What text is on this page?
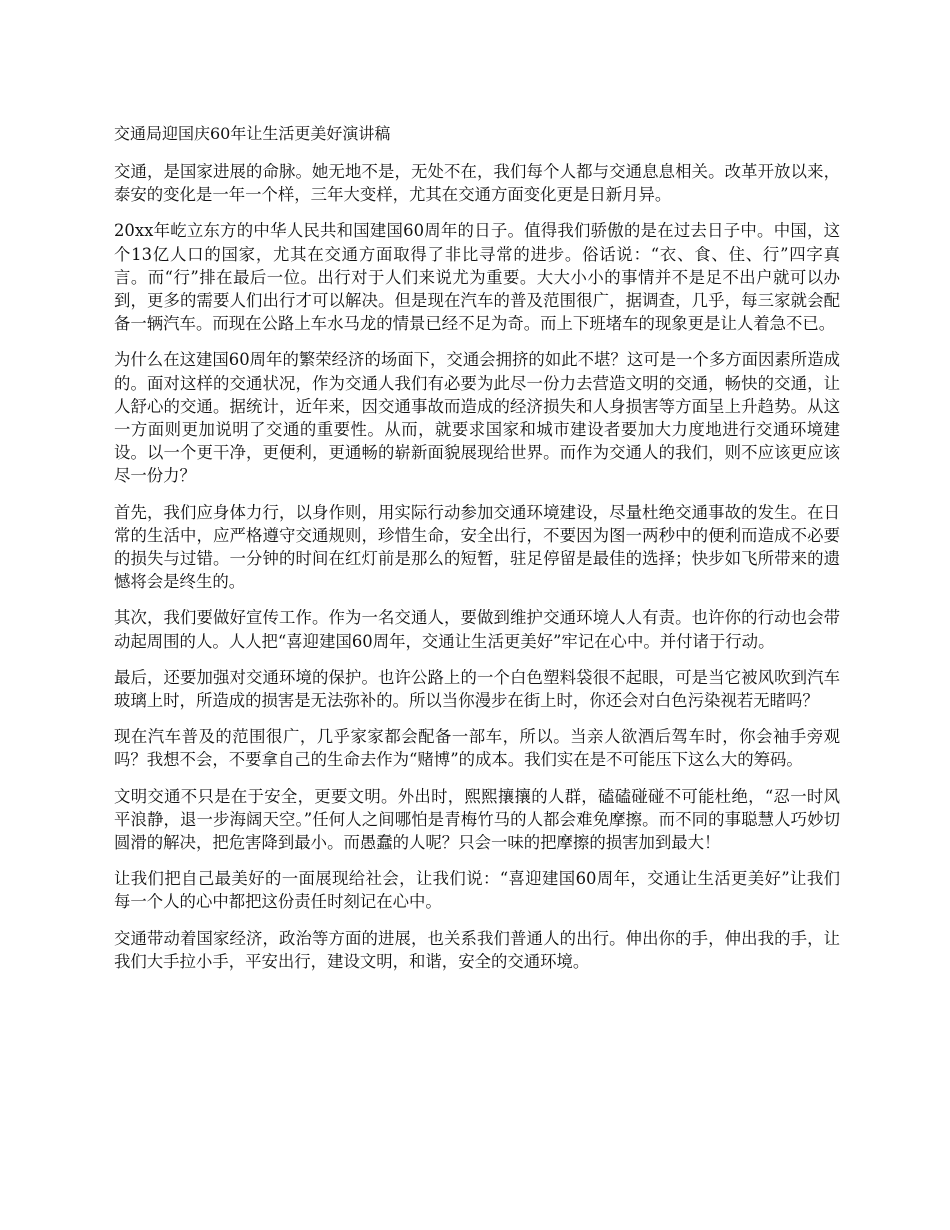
交通局迎国庆60年让生活更美好演讲稿

交通，是国家进展的命脉。她无地不是，无处不在，我们每个人都与交通息息相关。改革开放以来，泰安的变化是一年一个样，三年大变样，尤其在交通方面变化更是日新月异。

20xx年屹立东方的中华人民共和国建国60周年的日子。值得我们骄傲的是在过去日子中。中国，这个13亿人口的国家，尤其在交通方面取得了非比寻常的进步。俗话说：“衣、食、住、行”四字真言。而“行”排在最后一位。出行对于人们来说尤为重要。大大小小的事情并不是足不出户就可以办到，更多的需要人们出行才可以解决。但是现在汽车的普及范围很广，据调查，几乎，每三家就会配备一辆汽车。而现在公路上车水马龙的情景已经不足为奇。而上下班堵车的现象更是让人着急不已。

为什么在这建国60周年的繁荣经济的场面下，交通会拥挤的如此不堪？这可是一个多方面因素所造成的。面对这样的交通状况，作为交通人我们有必要为此尽一份力去营造文明的交通，畅快的交通，让人舒心的交通。据统计，近年来，因交通事故而造成的经济损失和人身损害等方面呈上升趋势。从这一方面则更加说明了交通的重要性。从而，就要求国家和城市建设者要加大力度地进行交通环境建设。以一个更干净，更便利，更通畅的崭新面貌展现给世界。而作为交通人的我们，则不应该更应该尽一份力？

首先，我们应身体力行，以身作则，用实际行动参加交通环境建设，尽量杜绝交通事故的发生。在日常的生活中，应严格遵守交通规则，珍惜生命，安全出行，不要因为图一两秒中的便利而造成不必要的损失与过错。一分钟的时间在红灯前是那么的短暂，驻足停留是最佳的选择；快步如飞所带来的遗憾将会是终生的。

其次，我们要做好宣传工作。作为一名交通人，要做到维护交通环境人人有责。也许你的行动也会带动起周围的人。人人把“喜迎建国60周年，交通让生活更美好”牢记在心中。并付诸于行动。

最后，还要加强对交通环境的保护。也许公路上的一个白色塑料袋很不起眼，可是当它被风吹到汽车玻璃上时，所造成的损害是无法弥补的。所以当你漫步在街上时，你还会对白色污染视若无睹吗？

现在汽车普及的范围很广，几乎家家都会配备一部车，所以。当亲人欲酒后驾车时，你会袖手旁观吗？我想不会，不要拿自己的生命去作为“赌博”的成本。我们实在是不可能压下这么大的筹码。

文明交通不只是在于安全，更要文明。外出时，熙熙攘攘的人群，磕磕碰碰不可能杜绝，“忍一时风平浪静，退一步海阔天空。”任何人之间哪怕是青梅竹马的人都会难免摩擦。而不同的事聪慧人巧妙切圆滑的解决，把危害降到最小。而愚蠢的人呢？只会一味的把摩擦的损害加到最大！

让我们把自己最美好的一面展现给社会，让我们说：“喜迎建国60周年，交通让生活更美好”让我们每一个人的心中都把这份责任时刻记在心中。

交通带动着国家经济，政治等方面的进展，也关系我们普通人的出行。伸出你的手，伸出我的手，让我们大手拉小手，平安出行，建设文明，和谐，安全的交通环境。
